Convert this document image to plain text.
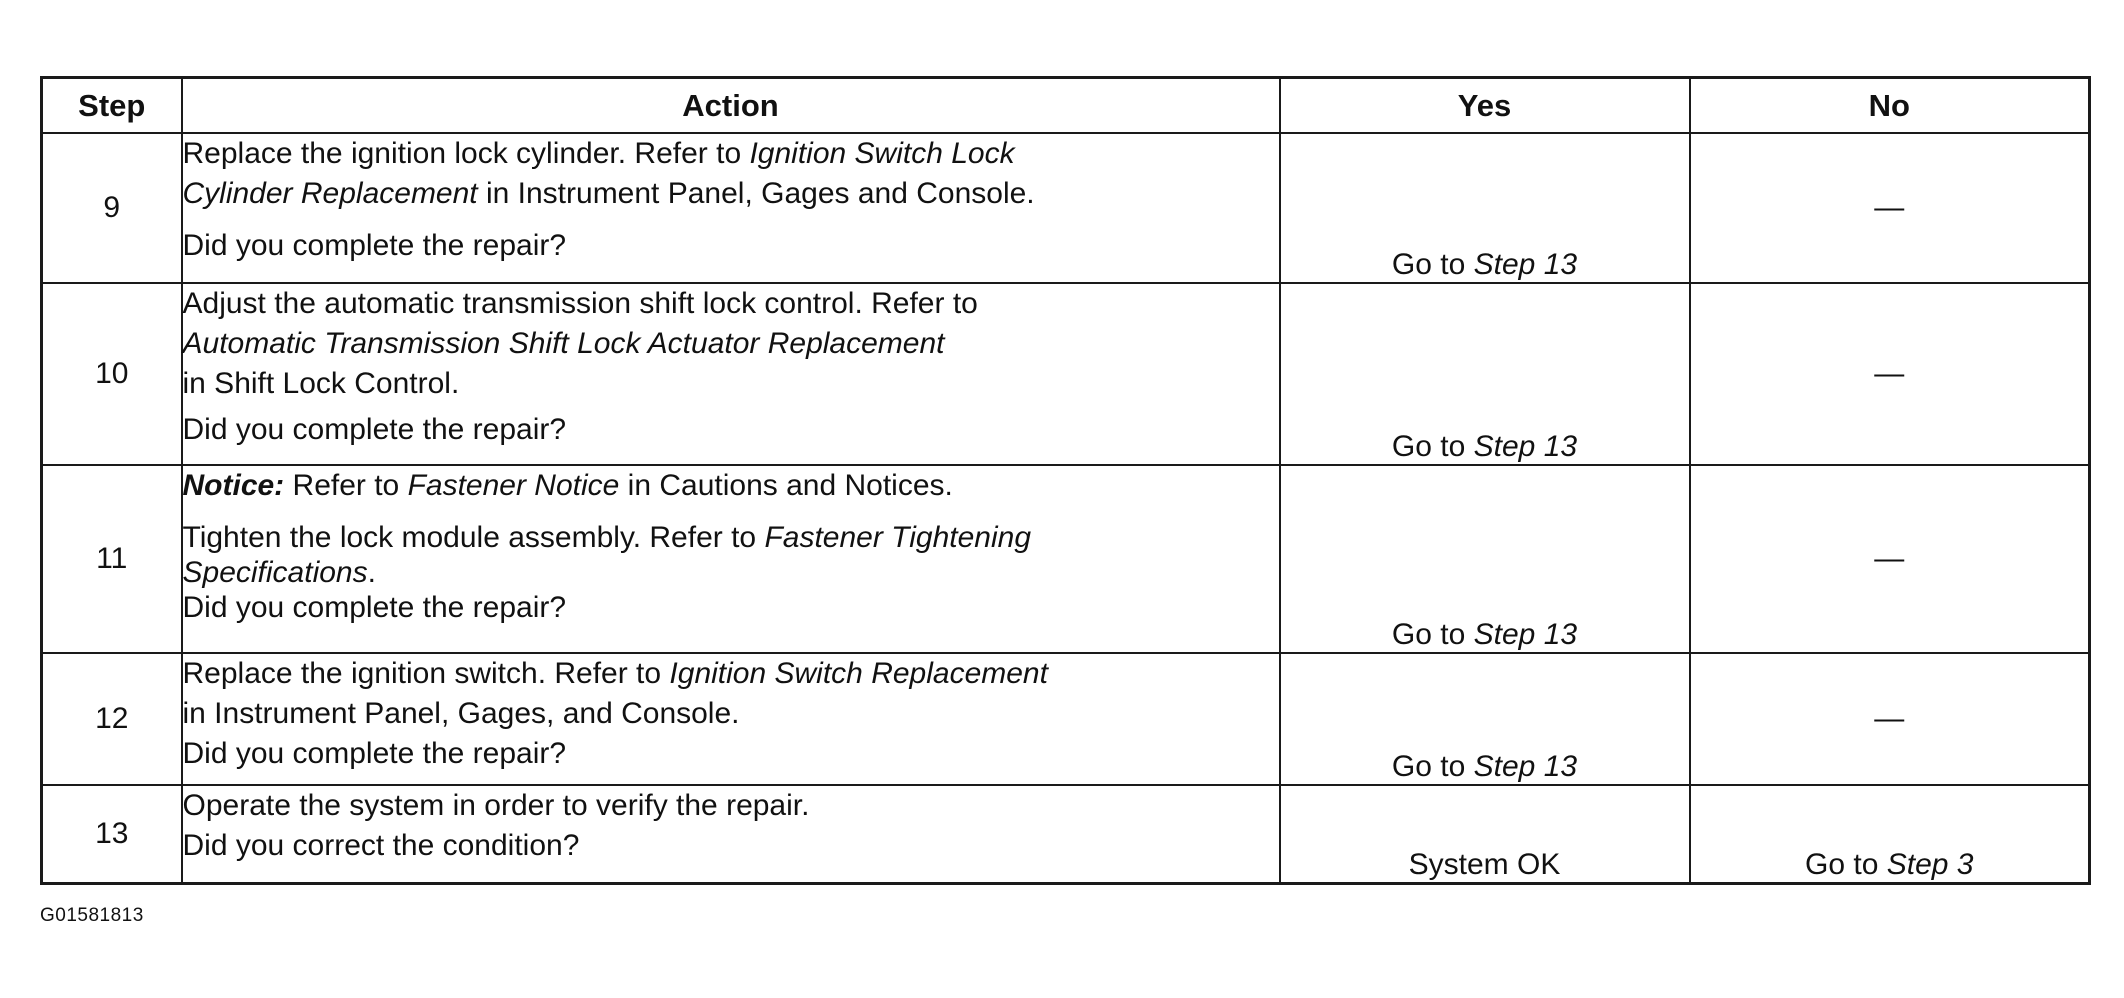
Step	Action	Yes	No
9	Replace the ignition lock cylinder. Refer to Ignition Switch Lock
Cylinder Replacement in Instrument Panel, Gages and Console.
Did you complete the repair?	Go to Step 13	—
10	Adjust the automatic transmission shift lock control. Refer to
Automatic Transmission Shift Lock Actuator Replacement
in Shift Lock Control.
Did you complete the repair?	Go to Step 13	—
11	Notice: Refer to Fastener Notice in Cautions and Notices.
Tighten the lock module assembly. Refer to Fastener Tightening
Specifications.
Did you complete the repair?	Go to Step 13	—
12	Replace the ignition switch. Refer to Ignition Switch Replacement
in Instrument Panel, Gages, and Console.
Did you complete the repair?	Go to Step 13	—
13	Operate the system in order to verify the repair.
Did you correct the condition?	System OK	Go to Step 3
G01581813
